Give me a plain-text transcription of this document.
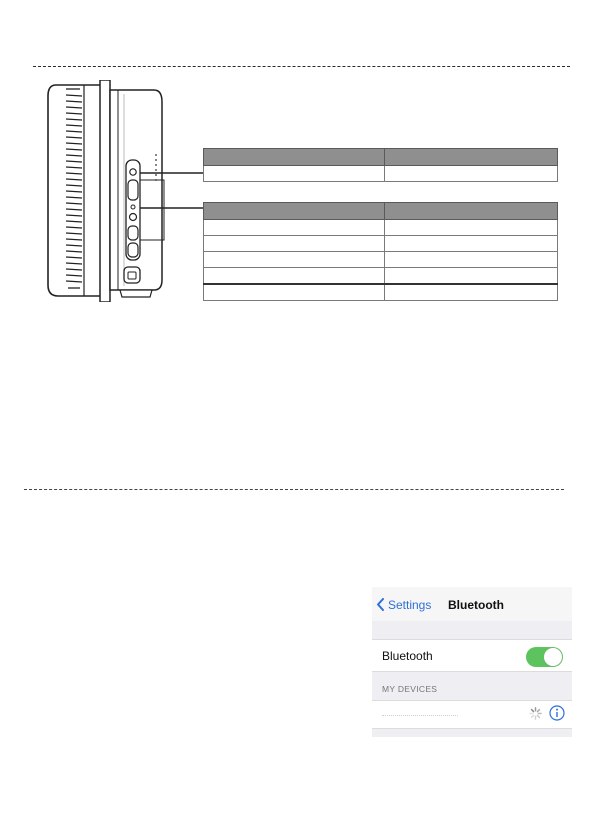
Settings Bluetooth
Bluetooth
MY DEVICES
